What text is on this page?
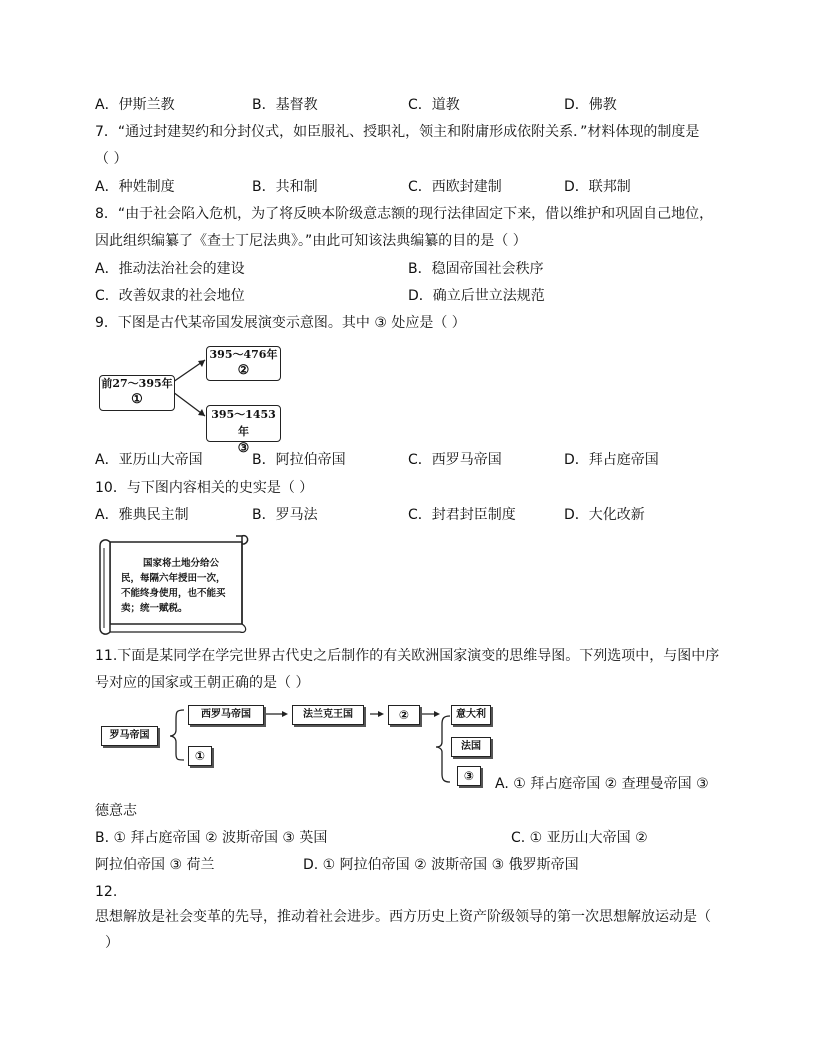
A．伊斯兰教	B．基督教	C．道教	D．佛教
7．“通过封建契约和分封仪式，如臣服礼、授职礼，领主和附庸形成依附关系．”材料体现的制度是
（ ）
A．种姓制度	B．共和制	C．西欧封建制	D．联邦制
8．“由于社会陷入危机，为了将反映本阶级意志额的现行法律固定下来，借以维护和巩固自己地位，
因此组织编纂了《查士丁尼法典》。”由此可知该法典编纂的目的是（ ）
A．推动法治社会的建设	B．稳固帝国社会秩序
C．改善奴隶的社会地位	D．确立后世立法规范
9．下图是古代某帝国发展演变示意图。其中 ③ 处应是（ ）
前27～395年
①
395～476年
②
395～1453年
③
A．亚历山大帝国	B．阿拉伯帝国	C．西罗马帝国	D．拜占庭帝国
10．与下图内容相关的史实是（ ）
A．雅典民主制	B．罗马法	C．封君封臣制度	D．大化改新
国家将土地分给公
民，每隔六年授田一次，
不能终身使用，也不能买
卖；统一赋税。
11.下面是某同学在学完世界古代史之后制作的有关欧洲国家演变的思维导图。下列选项中，与图中序
号对应的国家或王朝正确的是（ ）
罗马帝国
西罗马帝国	法兰克王国	②
①
意大利
法国
③	A. ① 拜占庭帝国 ② 查理曼帝国 ③
德意志
B. ① 拜占庭帝国 ② 波斯帝国 ③ 英国	C. ① 亚历山大帝国 ②
阿拉伯帝国 ③ 荷兰	D. ① 阿拉伯帝国 ② 波斯帝国 ③ 俄罗斯帝国
12.
思想解放是社会变革的先导，推动着社会进步。西方历史上资产阶级领导的第一次思想解放运动是（
）
